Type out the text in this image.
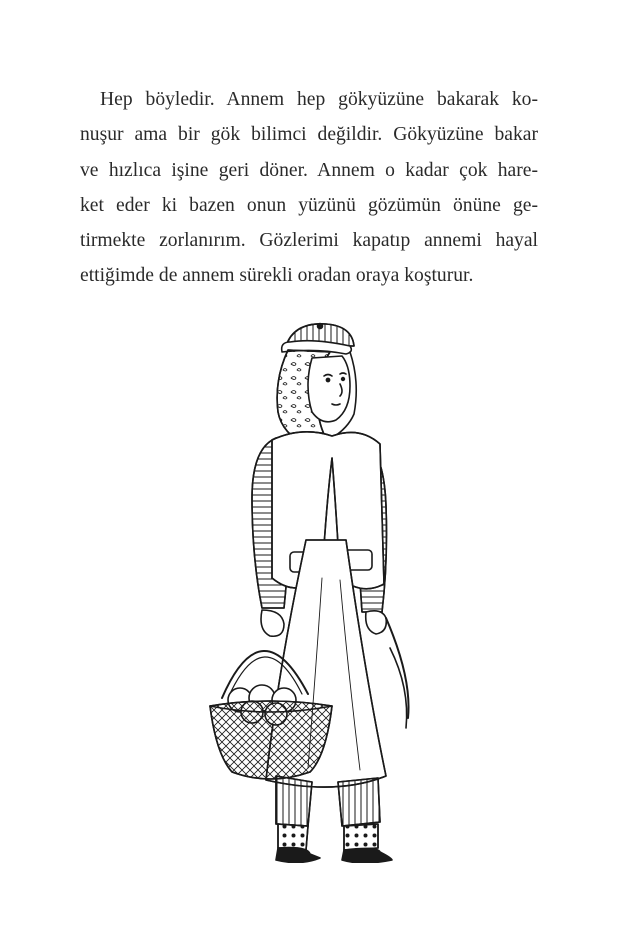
Hep böyledir. Annem hep gökyüzüne bakarak ko-
nuşur ama bir gök bilimci değildir. Gökyüzüne bakar
ve hızlıca işine geri döner. Annem o kadar çok hare-
ket eder ki bazen onun yüzünü gözümün önüne ge-
tirmekte zorlanırım. Gözlerimi kapatıp annemi hayal
ettiğimde de annem sürekli oradan oraya koşturur.
